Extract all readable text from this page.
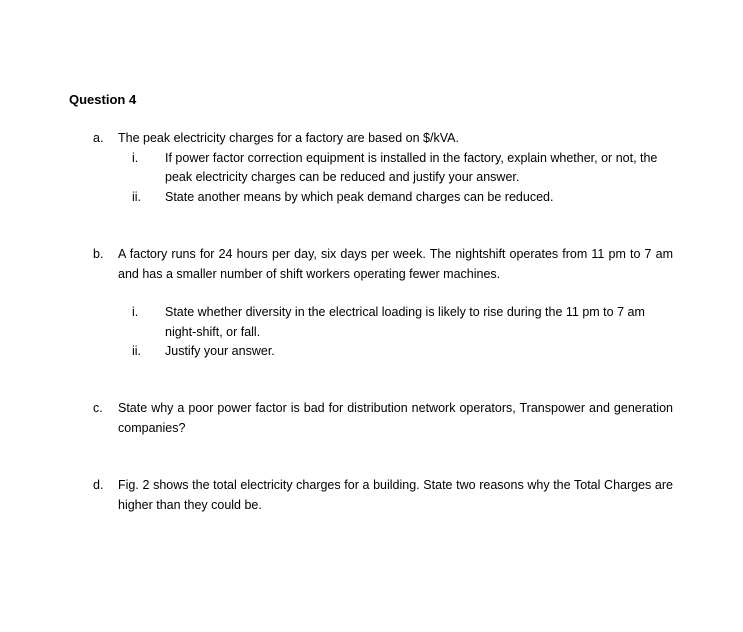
Question 4
a.	The peak electricity charges for a factory are based on $/kVA.
i.	If power factor correction equipment is installed in the factory, explain whether, or not, the peak electricity charges can be reduced and justify your answer.
ii.	State another means by which peak demand charges can be reduced.
b.	A factory runs for 24 hours per day, six days per week. The nightshift operates from 11 pm to 7 am and has a smaller number of shift workers operating fewer machines.
i.	State whether diversity in the electrical loading is likely to rise during the 11 pm to 7 am night-shift, or fall.
ii.	Justify your answer.
c.	State why a poor power factor is bad for distribution network operators, Transpower and generation companies?
d.	Fig. 2 shows the total electricity charges for a building. State two reasons why the Total Charges are higher than they could be.
